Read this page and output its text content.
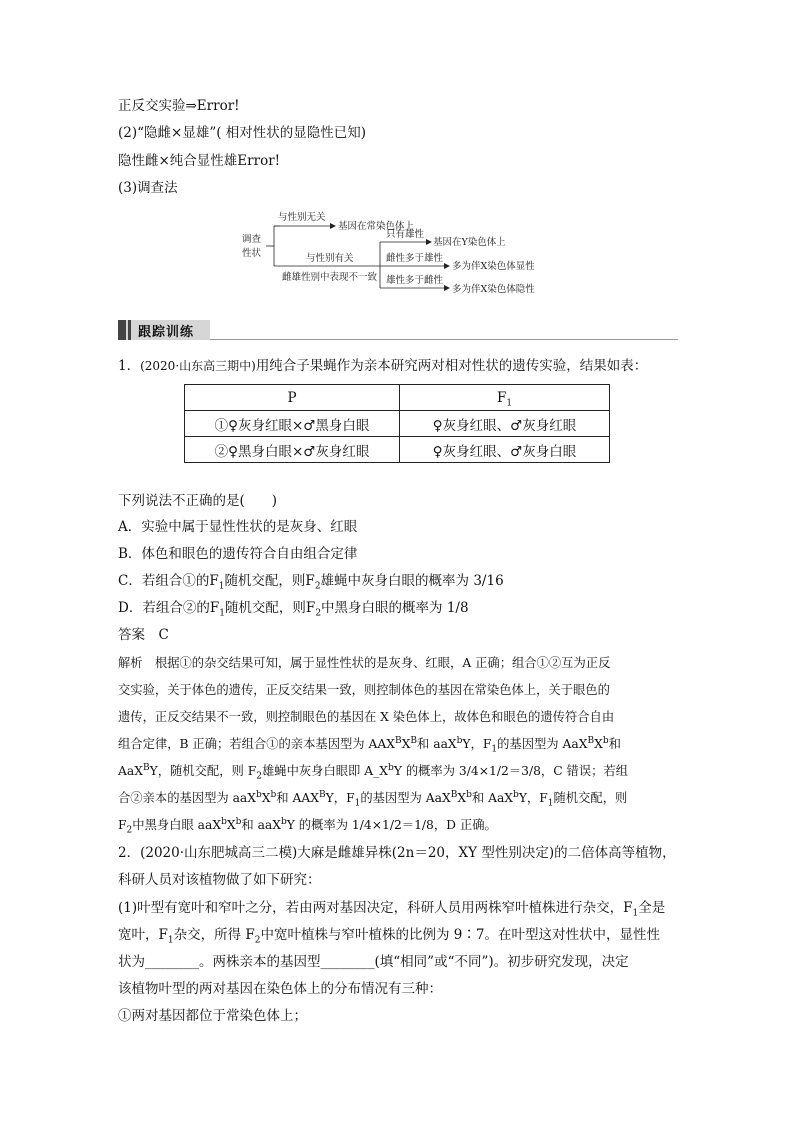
正反交实验⇒Error!
(2)“隐雌×显雄”( 相对性状的显隐性已知)
隐性雌×纯合显性雄Error!
(3)调查法
调查
性状
与性别无关
基因在常染色体上
与性别有关
雌雄性别中表现不一致
只有雄性
基因在Y染色体上
雌性多于雄性
多为伴X染色体显性
雄性多于雌性
多为伴X染色体隐性
跟踪训练
1．(2020·山东高三期中)用纯合子果蝇作为亲本研究两对相对性状的遗传实验，结果如表：
P	$F_1$
①♀灰身红眼×♂黑身白眼	♀灰身红眼、♂灰身红眼
②♀黑身白眼×♂灰身红眼	♀灰身红眼、♂灰身白眼
下列说法不正确的是(　　)
A．实验中属于显性性状的是灰身、红眼
B．体色和眼色的遗传符合自由组合定律
C．若组合①的$F_1$随机交配，则$F_2$雄蝇中灰身白眼的概率为 3/16
D．若组合②的$F_1$随机交配，则$F_2$中黑身白眼的概率为 1/8
答案　C
解析　根据①的杂交结果可知，属于显性性状的是灰身、红眼，A 正确；组合①②互为正反
交实验，关于体色的遗传，正反交结果一致，则控制体色的基因在常染色体上，关于眼色的
遗传，正反交结果不一致，则控制眼色的基因在 X 染色体上，故体色和眼色的遗传符合自由
组合定律，B 正确；若组合①的亲本基因型为 $AAX^BX^B$和 aaX$^b$Y，$F_1$的基因型为 $AaX^BX^b$和
AaX$^B$Y，随机交配，则 $F_2$雄蝇中灰身白眼即 $A\_X^bY$ 的概率为 3/4×1/2＝3/8，C 错误；若组
合②亲本的基因型为 $aaX^bX^b$和 $AAX^BY$，$F_1$的基因型为 $AaX^BX^b$和 AaX$^b$Y，$F_1$随机交配，则
$F_2$中黑身白眼 $aaX^bX^b$和 aaX$^b$Y 的概率为 1/4×1/2＝1/8，D 正确。
2．(2020·山东肥城高三二模)大麻是雌雄异株(2n＝20，XY 型性别决定)的二倍体高等植物，
科研人员对该植物做了如下研究：
(1)叶型有宽叶和窄叶之分，若由两对基因决定，科研人员用两株窄叶植株进行杂交，$F_1$全是
宽叶，$F_1$杂交，所得 $F_2$中宽叶植株与窄叶植株的比例为 9∶7。在叶型这对性状中，显性性
状为________。两株亲本的基因型________(填“相同”或“不同”)。初步研究发现，决定
该植物叶型的两对基因在染色体上的分布情况有三种：
①两对基因都位于常染色体上；
